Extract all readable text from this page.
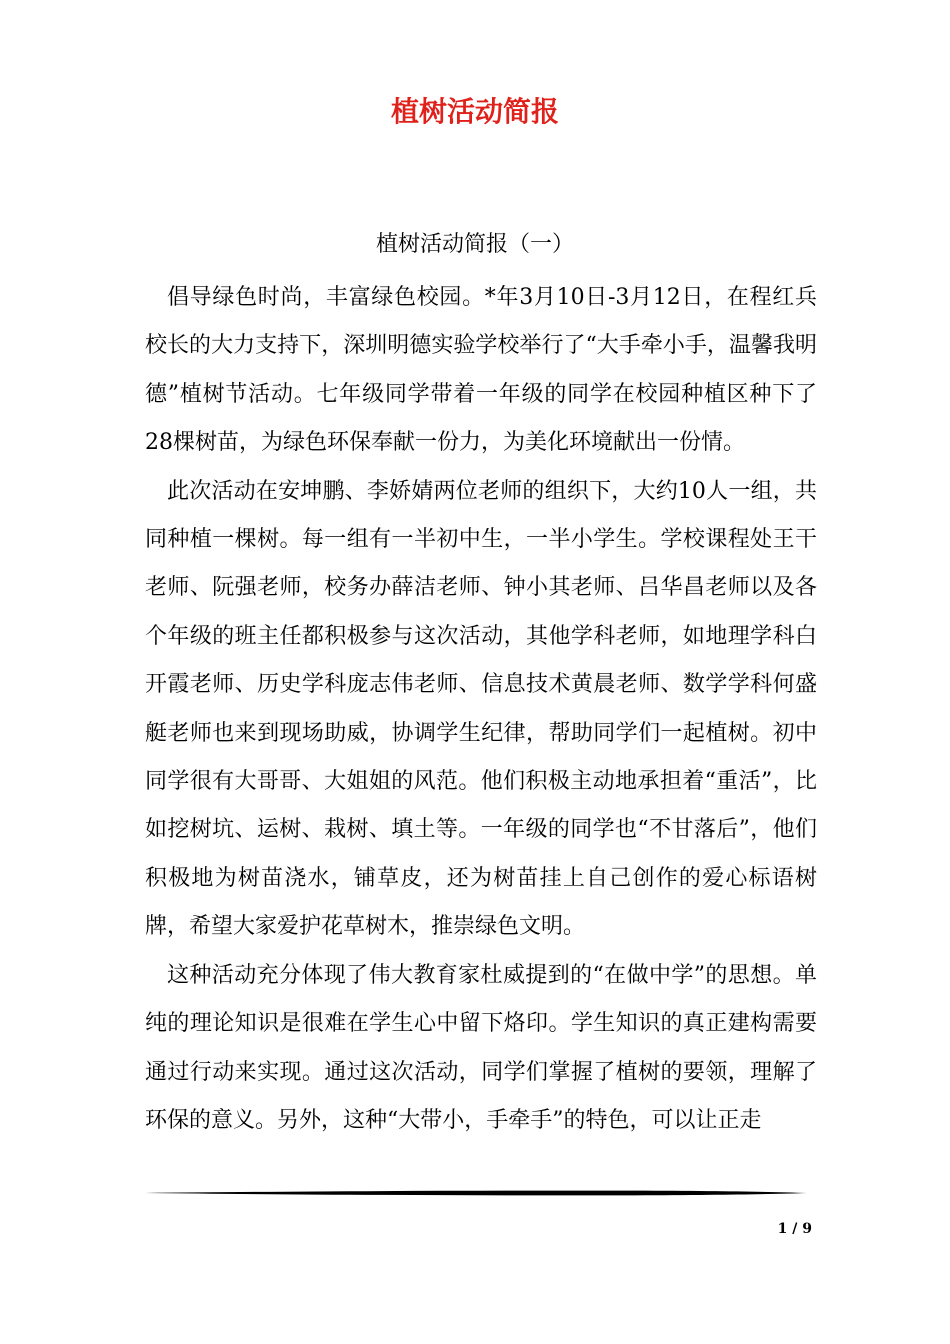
植树活动简报
植树活动简报（一）

倡导绿色时尚，丰富绿色校园。*年3月10日-3月12日，在程红兵校长的大力支持下，深圳明德实验学校举行了“大手牵小手，温馨我明德”植树节活动。七年级同学带着一年级的同学在校园种植区种下了28棵树苗，为绿色环保奉献一份力，为美化环境献出一份情。

此次活动在安坤鹏、李娇婧两位老师的组织下，大约10人一组，共同种植一棵树。每一组有一半初中生，一半小学生。学校课程处王干老师、阮强老师，校务办薛洁老师、钟小其老师、吕华昌老师以及各个年级的班主任都积极参与这次活动，其他学科老师，如地理学科白开霞老师、历史学科庞志伟老师、信息技术黄晨老师、数学学科何盛艇老师也来到现场助威，协调学生纪律，帮助同学们一起植树。初中同学很有大哥哥、大姐姐的风范。他们积极主动地承担着“重活”，比如挖树坑、运树、栽树、填土等。一年级的同学也“不甘落后”，他们积极地为树苗浇水，铺草皮，还为树苗挂上自己创作的爱心标语树牌，希望大家爱护花草树木，推崇绿色文明。

这种活动充分体现了伟大教育家杜威提到的“在做中学”的思想。单纯的理论知识是很难在学生心中留下烙印。学生知识的真正建构需要通过行动来实现。通过这次活动，同学们掌握了植树的要领，理解了环保的意义。另外，这种“大带小，手牵手”的特色，可以让正走

1 / 9
